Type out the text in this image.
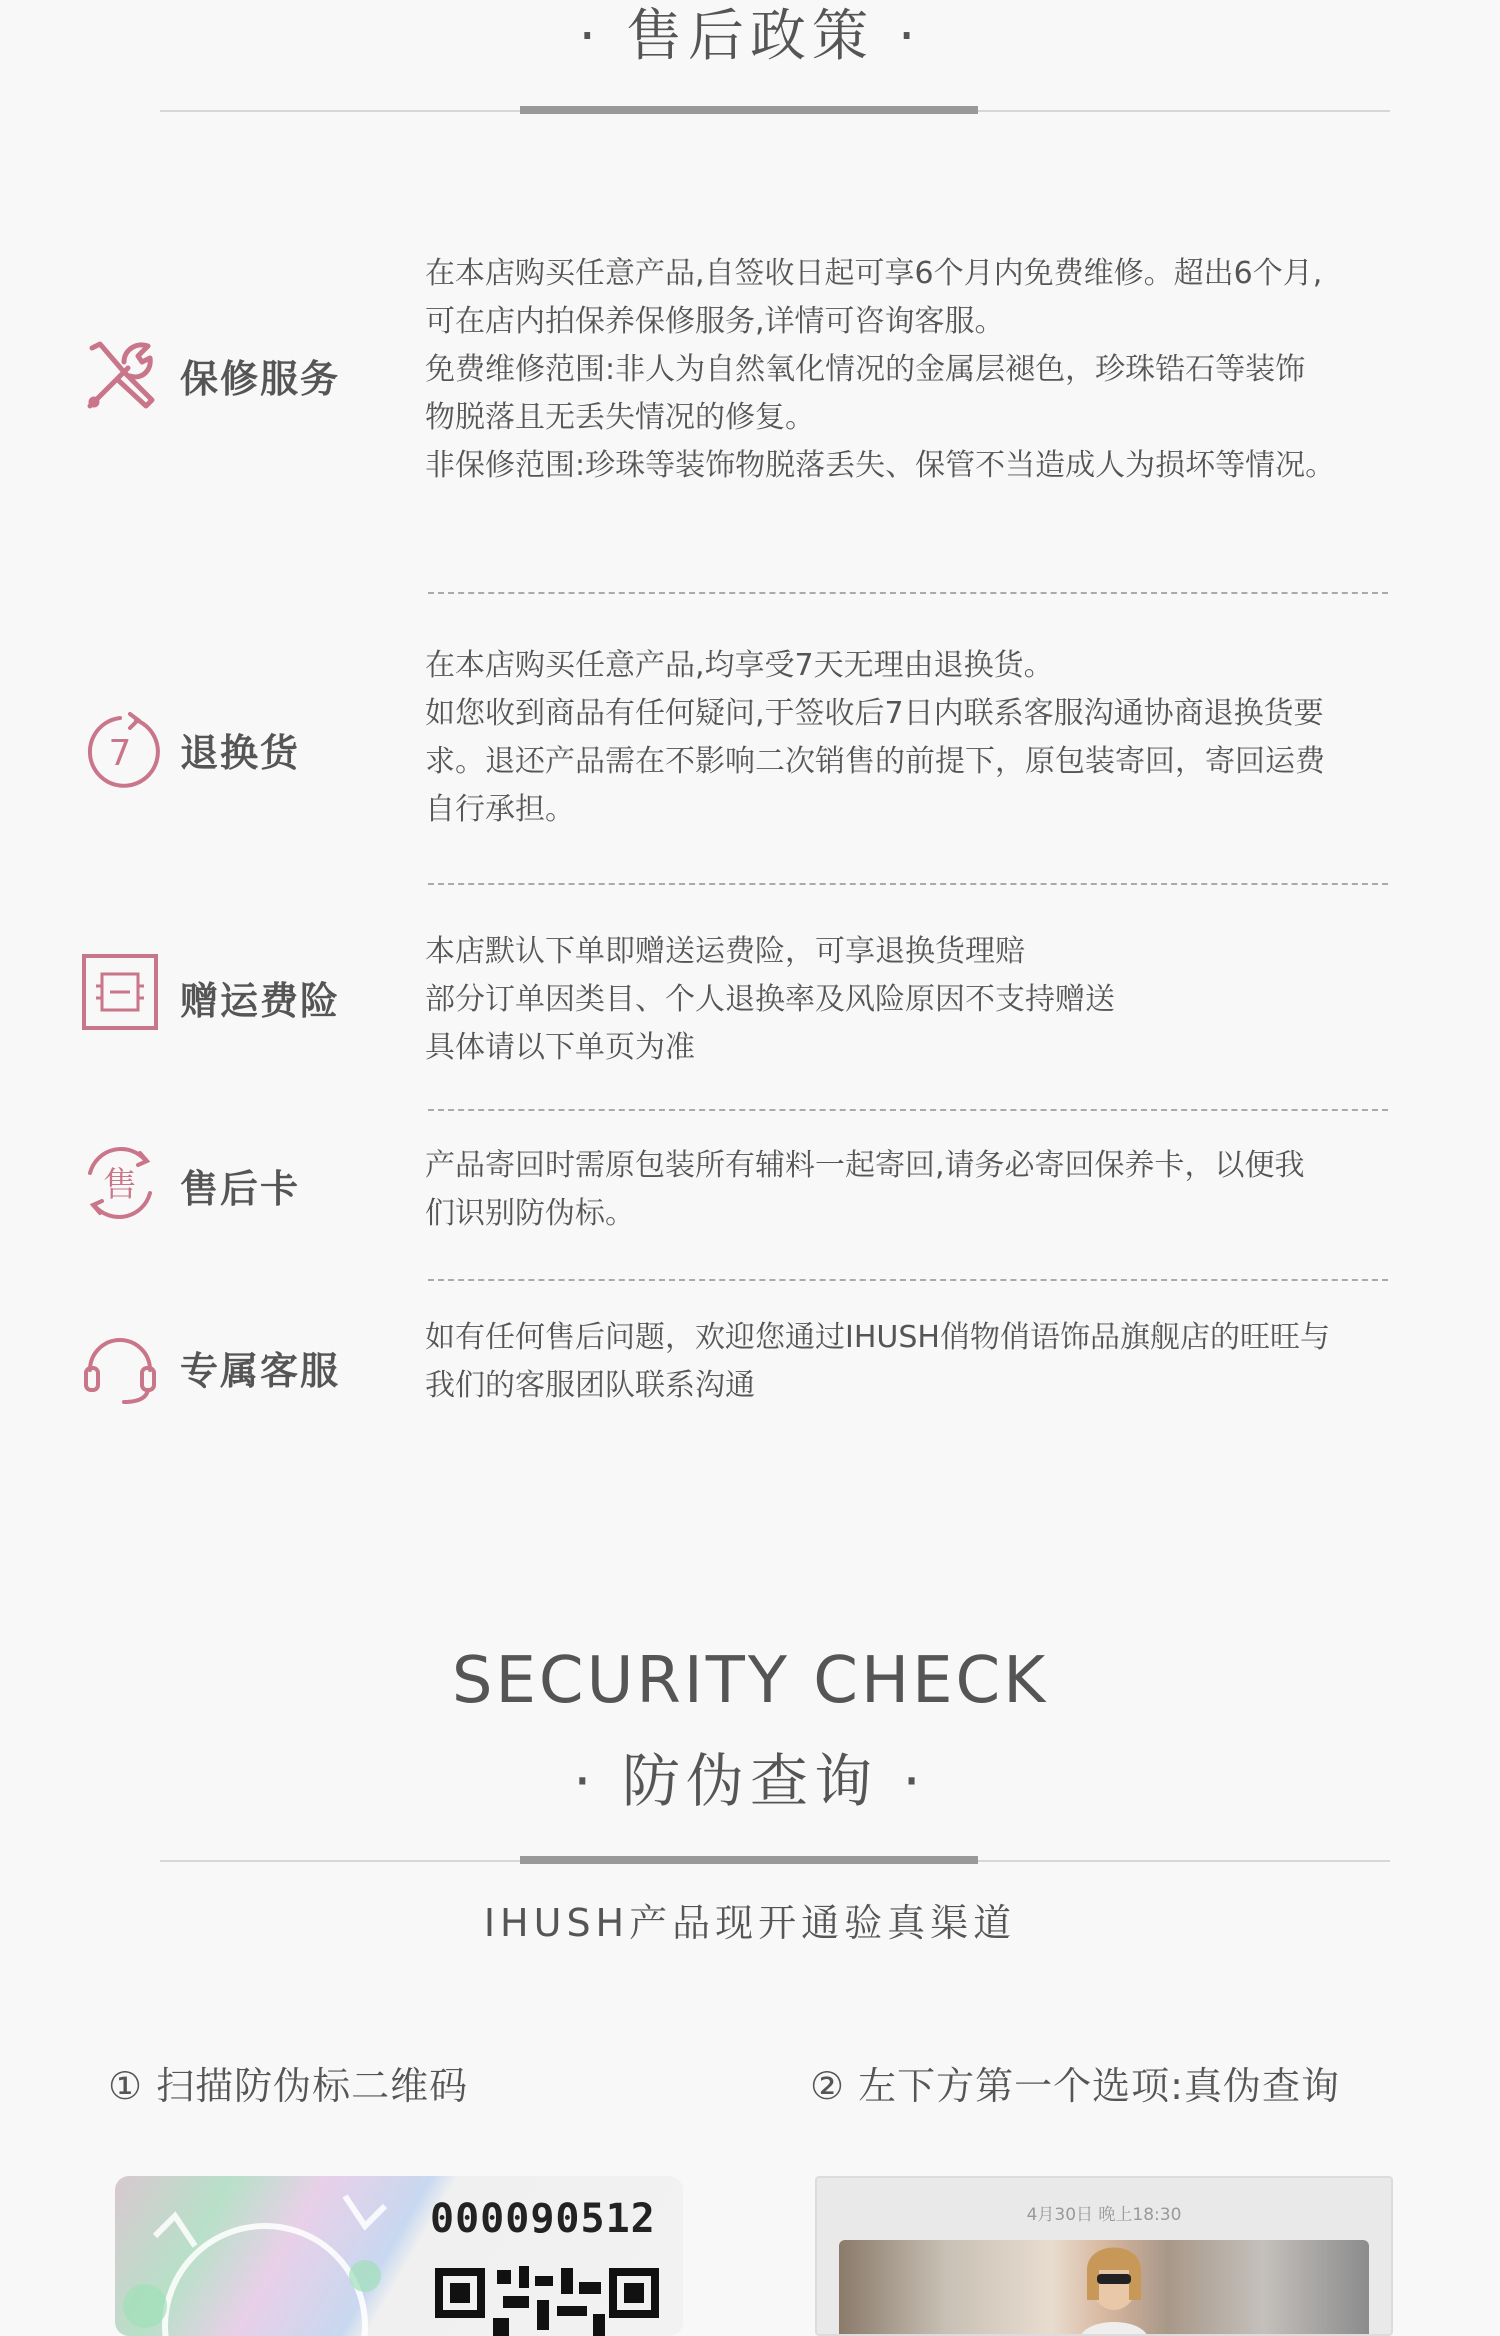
· 售后政策 ·
保修服务
在本店购买任意产品,自签收日起可享6个月内免费维修。超出6个月,
可在店内拍保养保修服务,详情可咨询客服。
免费维修范围:非人为自然氧化情况的金属层褪色，珍珠锆石等装饰
物脱落且无丢失情况的修复。
非保修范围:珍珠等装饰物脱落丢失、保管不当造成人为损坏等情况。
7 退换货
在本店购买任意产品,均享受7天无理由退换货。
如您收到商品有任何疑问,于签收后7日内联系客服沟通协商退换货要
求。退还产品需在不影响二次销售的前提下，原包装寄回，寄回运费
自行承担。
赠运费险
本店默认下单即赠送运费险，可享退换货理赔
部分订单因类目、个人退换率及风险原因不支持赠送
具体请以下单页为准
售 售后卡
产品寄回时需原包装所有辅料一起寄回,请务必寄回保养卡，以便我
们识别防伪标。
专属客服
如有任何售后问题，欢迎您通过IHUSH俏物俏语饰品旗舰店的旺旺与
我们的客服团队联系沟通
SECURITY CHECK
· 防伪查询 ·
IHUSH产品现开通验真渠道
① 扫描防伪标二维码	② 左下方第一个选项:真伪查询
000090512	4月30日 晚上18:30
